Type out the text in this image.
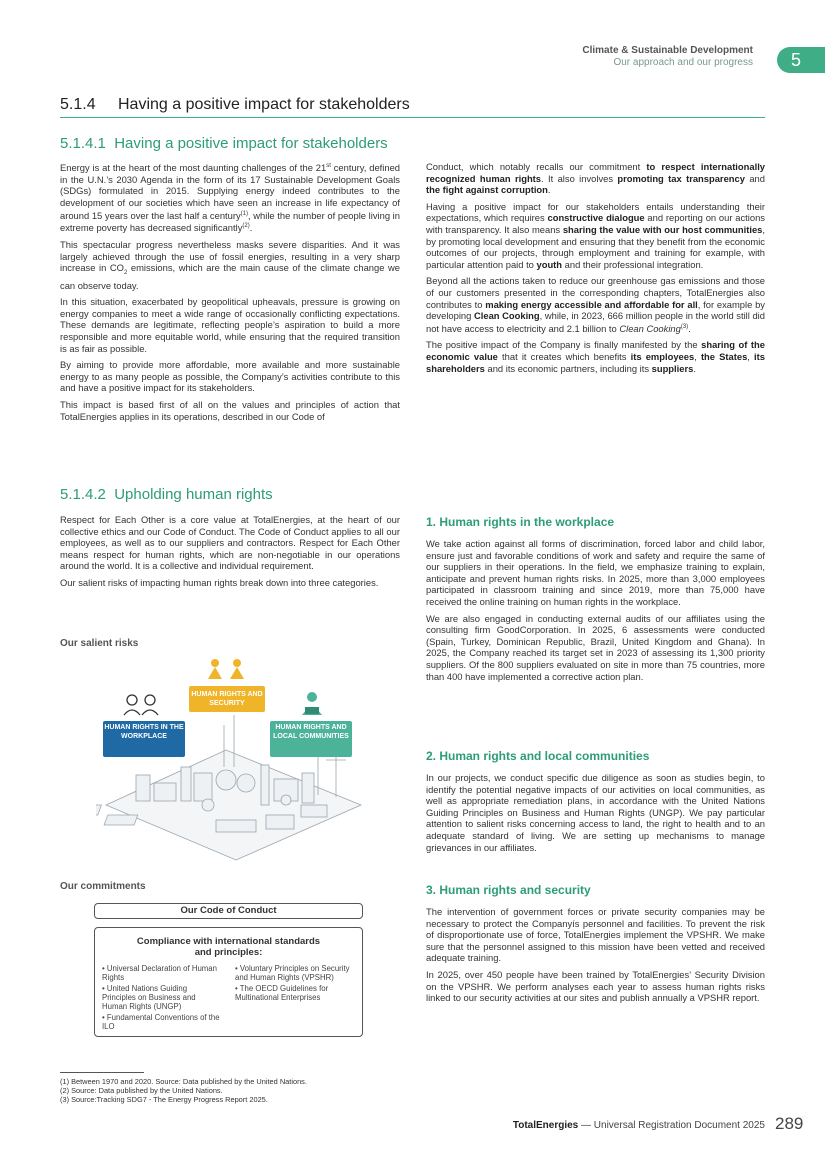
Climate & Sustainable Development
Our approach and our progress	5
5.1.4 Having a positive impact for stakeholders
5.1.4.1 Having a positive impact for stakeholders

Energy is at the heart of the most daunting challenges of the 21st century, defined in the U.N.’s 2030 Agenda in the form of its 17 Sustainable Development Goals (SDGs) formulated in 2015. Supplying energy indeed contributes to the development of our societies which have seen an increase in life expectancy of around 15 years over the last half a century$^{(1)}$, while the number of people living in extreme poverty has decreased significantly$^{(2)}$.

This spectacular progress nevertheless masks severe disparities. And it was largely achieved through the use of fossil energies, resulting in a very sharp increase in $CO_2$ emissions, which are the main cause of the climate change we can observe today.

In this situation, exacerbated by geopolitical upheavals, pressure is growing on energy companies to meet a wide range of occasionally conflicting expectations. These demands are legitimate, reflecting people’s aspiration to build a more responsible and more equitable world, while ensuring that the required transition is as fair as possible.

By aiming to provide more affordable, more available and more sustainable energy to as many people as possible, the Company’s activities contribute to this and have a positive impact for its stakeholders.

This impact is based first of all on the values and principles of action that TotalEnergies applies in its operations, described in our Code of

Conduct, which notably recalls our commitment to respect internationally recognized human rights. It also involves promoting tax transparency and the fight against corruption.

Having a positive impact for our stakeholders entails understanding their expectations, which requires constructive dialogue and reporting on our actions with transparency. It also means sharing the value with our host communities, by promoting local development and ensuring that they benefit from the economic outcomes of our projects, through employment and training for example, with particular attention paid to youth and their professional integration.

Beyond all the actions taken to reduce our greenhouse gas emissions and those of our customers presented in the corresponding chapters, TotalEnergies also contributes to making energy accessible and affordable for all, for example by developing Clean Cooking, while, in 2023, 666 million people in the world still did not have access to electricity and 2.1 billion to Clean Cooking$^{(3)}$.

The positive impact of the Company is finally manifested by the sharing of the economic value that it creates which benefits its employees, the States, its shareholders and its economic partners, including its suppliers.

5.1.4.2 Upholding human rights

Respect for Each Other is a core value at TotalEnergies, at the heart of our collective ethics and our Code of Conduct. The Code of Conduct applies to all our employees, as well as to our suppliers and contractors. Respect for Each Other means respect for human rights, which are non-negotiable in our operations around the world. It is a collective and individual requirement.

Our salient risks of impacting human rights break down into three categories.

Our salient risks
HUMAN RIGHTS IN THE WORKPLACE
HUMAN RIGHTS AND SECURITY
HUMAN RIGHTS AND LOCAL COMMUNITIES
Our commitments
Our Code of Conduct
Compliance with international standards and principles:
• Universal Declaration of Human Rights
• United Nations Guiding Principles on Business and Human Rights (UNGP)
• Fundamental Conventions of the ILO
• Voluntary Principles on Security and Human Rights (VPSHR)
• The OECD Guidelines for Multinational Enterprises
1. Human rights in the workplace

We take action against all forms of discrimination, forced labor and child labor, ensure just and favorable conditions of work and safety and require the same of our suppliers in their operations. In the field, we emphasize training to explain, anticipate and prevent human rights risks. In 2025, more than 3,000 employees participated in classroom training and since 2019, more than 75,000 have received the online training on human rights in the workplace.

We are also engaged in conducting external audits of our affiliates using the consulting firm GoodCorporation. In 2025, 6 assessments were conducted (Spain, Turkey, Dominican Republic, Brazil, United Kingdom and Ghana). In 2025, the Company reached its target set in 2023 of assessing its 1,300 priority suppliers. Of the 800 suppliers evaluated on site in more than 75 countries, more than 400 have implemented a corrective action plan.

2. Human rights and local communities

In our projects, we conduct specific due diligence as soon as studies begin, to identify the potential negative impacts of our activities on local communities, as well as appropriate remediation plans, in accordance with the United Nations Guiding Principles on Business and Human Rights (UNGP). We pay particular attention to salient risks concerning access to land, the right to health and to an adequate standard of living. We are setting up mechanisms to manage grievances in our affiliates.

3. Human rights and security

The intervention of government forces or private security companies may be necessary to protect the Companyís personnel and facilities. To prevent the risk of disproportionate use of force, TotalEnergies implement the VPSHR. We make sure that the personnel assigned to this mission have been vetted and received adequate training.

In 2025, over 450 people have been trained by TotalEnergies’ Security Division on the VPSHR. We perform analyses each year to assess human rights risks linked to our security activities at our sites and publish annually a VPSHR report.

(1) Between 1970 and 2020. Source: Data published by the United Nations.
(2) Source: Data published by the United Nations.
(3) Source:Tracking SDG7 - The Energy Progress Report 2025.
TotalEnergies — Universal Registration Document 2025 289
